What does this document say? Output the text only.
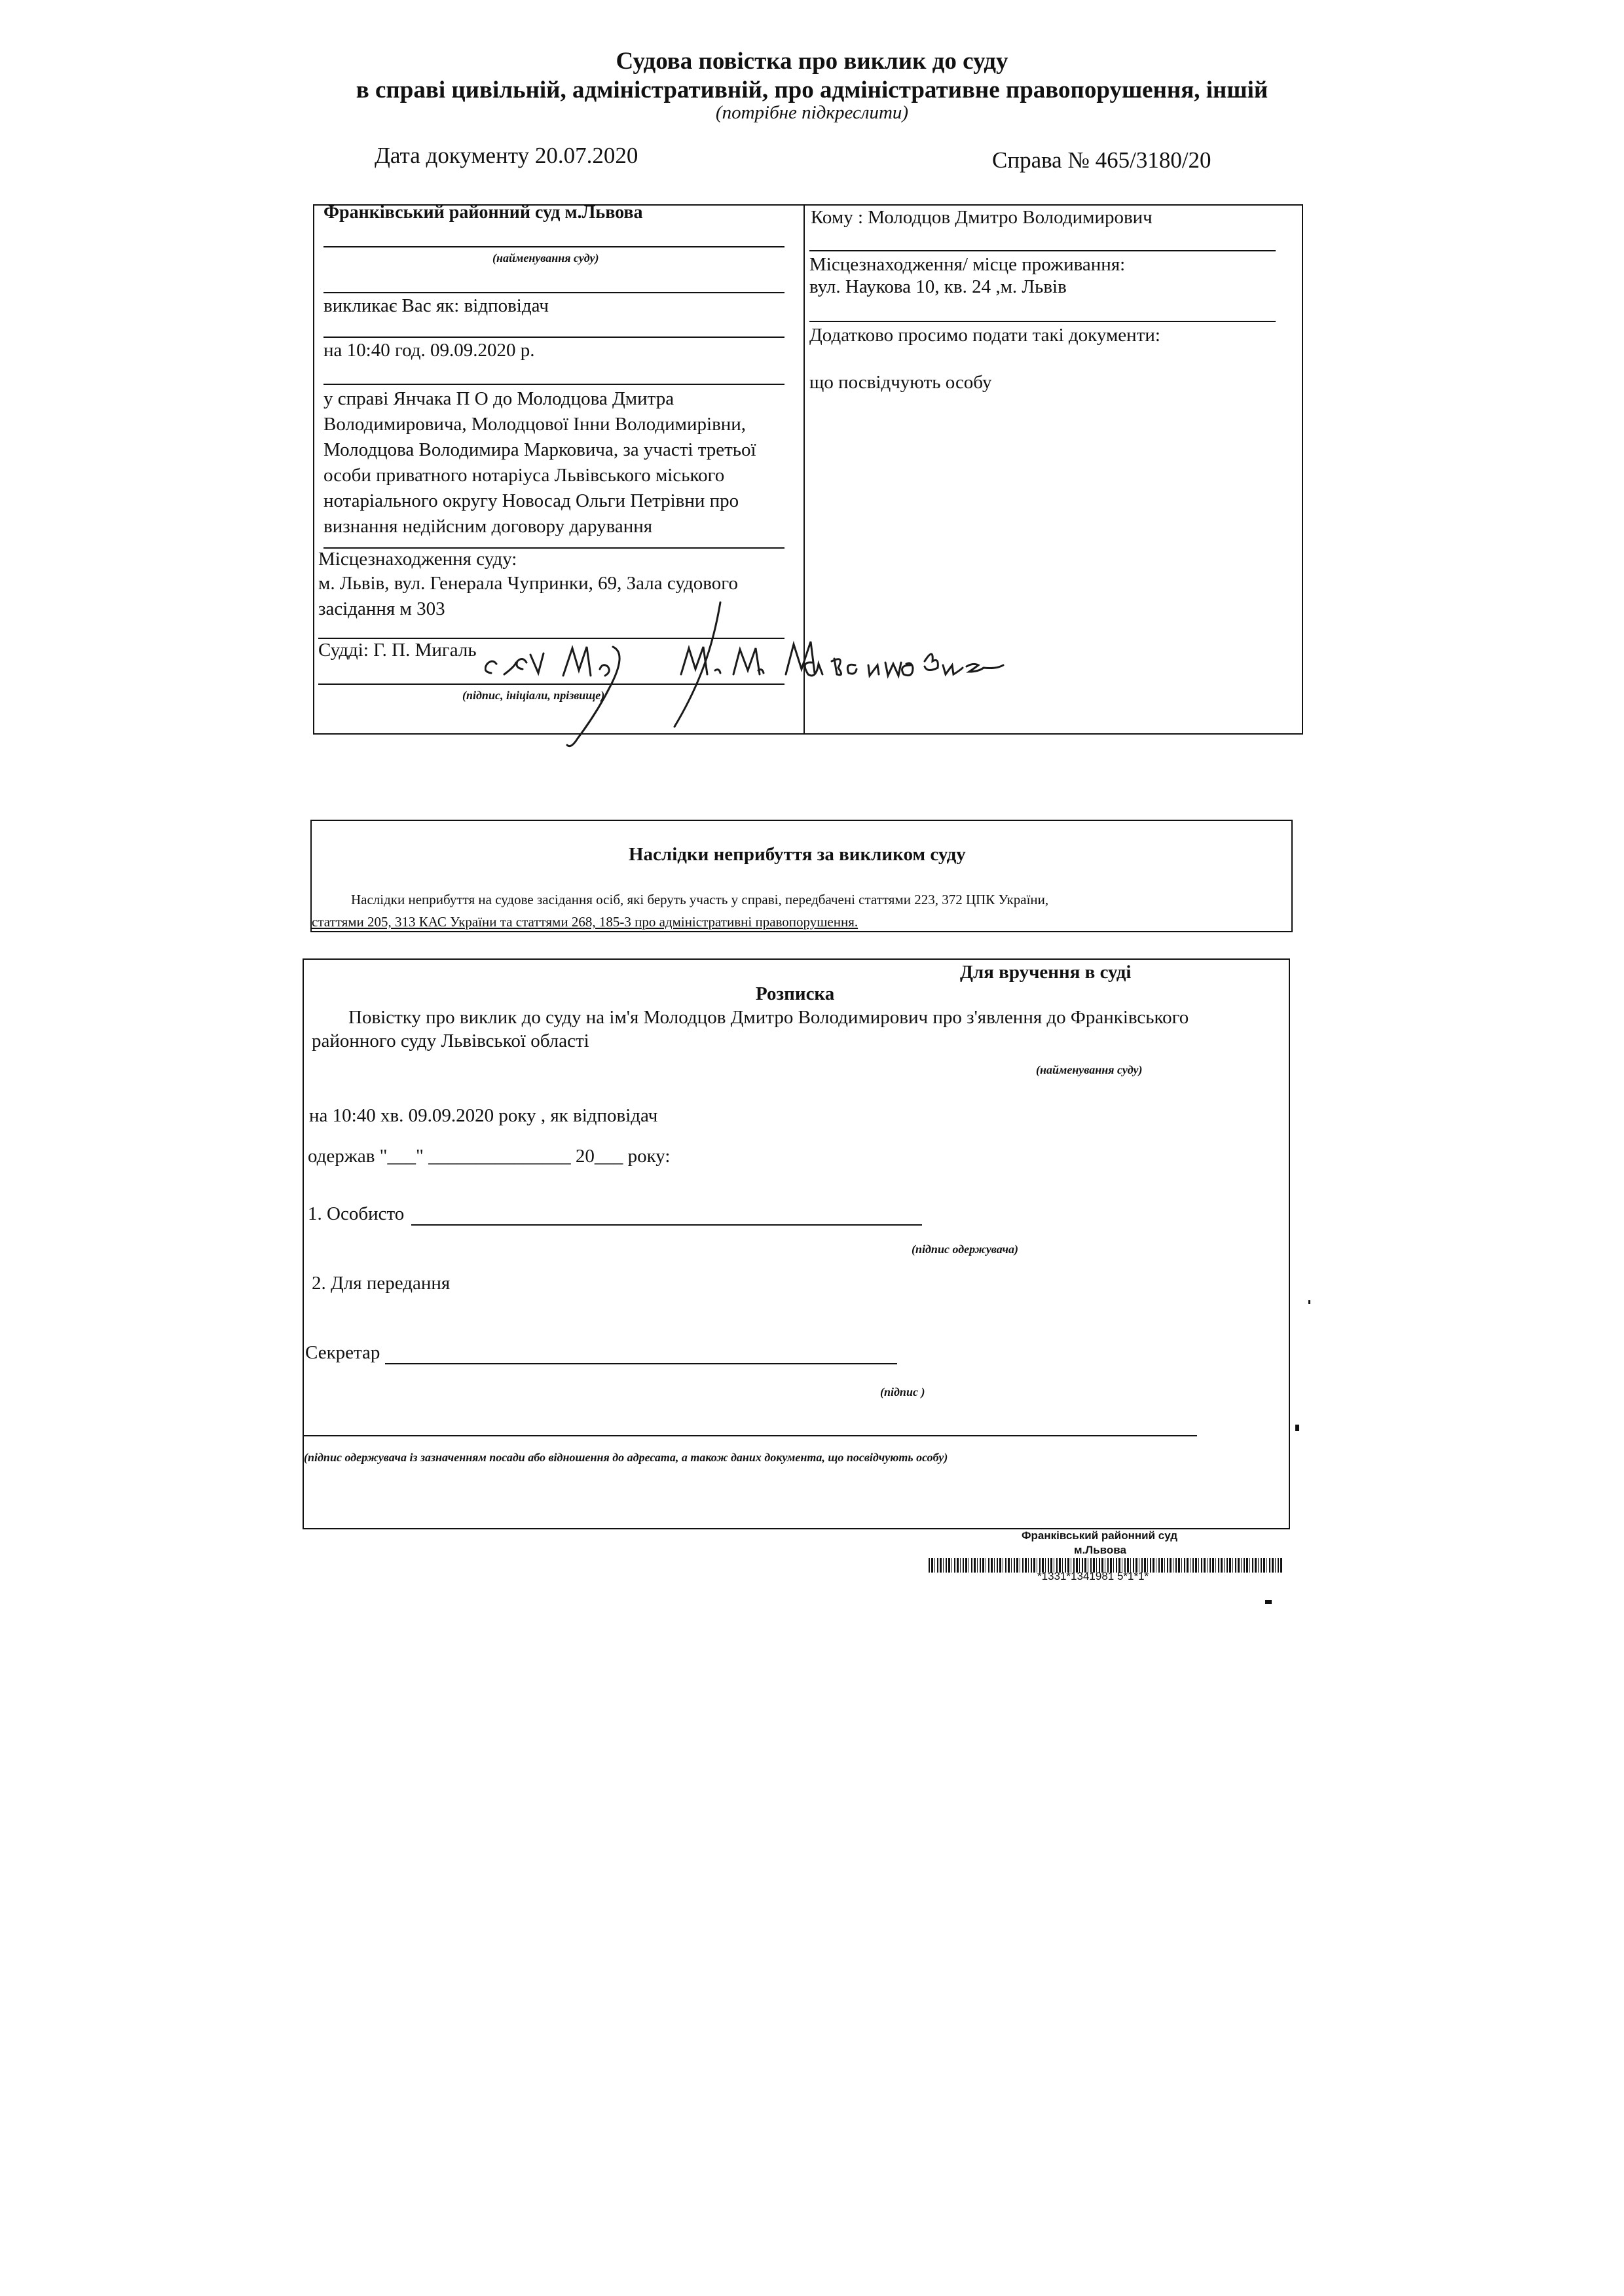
Судова повістка про виклик до суду
в справі цивільній, адміністративній, про адміністративне правопорушення, іншій
(потрібне підкреслити)
Дата документу 20.07.2020	Справа № 465/3180/20
Франківський районний суд м.Львова
(найменування суду)
викликає Вас як: відповідач
на 10:40 год. 09.09.2020 р.
у справі Янчака П О до Молодцова Дмитра Володимировича, Молодцової Інни Володимирівни, Молодцова Володимира Марковича, за участі третьої особи приватного нотаріуса Львівського міського нотаріального округу Новосад Ольги Петрівни про визнання недійсним договору дарування
Місцезнаходження суду:
м. Львів, вул. Генерала Чупринки, 69, Зала судового засідання м 303
Судді: Г. П. Мигаль
(підпис, ініціали, прізвище)
Кому : Молодцов Дмитро Володимирович
Місцезнаходження/ місце проживання:
вул. Наукова 10, кв. 24 ,м. Львів
Додатково просимо подати такі документи:
що посвідчують особу
Наслідки неприбуття за викликом суду
Наслідки неприбуття на судове засідання осіб, які беруть участь у справі, передбачені статтями 223, 372 ЦПК України,
статтями 205, 313 КАС України та статтями 268, 185-3 про адміністративні правопорушення.
Для вручення в суді
Розписка
Повістку про виклик до суду на ім'я Молодцов Дмитро Володимирович про з'явлення до Франківського
районного суду Львівської області
(найменування суду)
на 10:40 хв. 09.09.2020 року , як відповідач
одержав "___" _______________ 20___ року:
1. Особисто
(підпис одержувача)
2. Для передання
Секретар
(підпис )
(підпис одержувача із зазначенням посади або відношення до адресата, а також даних документа, що посвідчують особу)
Франківський районний суд
м.Львова
*1331*1341981 5*1*1*
